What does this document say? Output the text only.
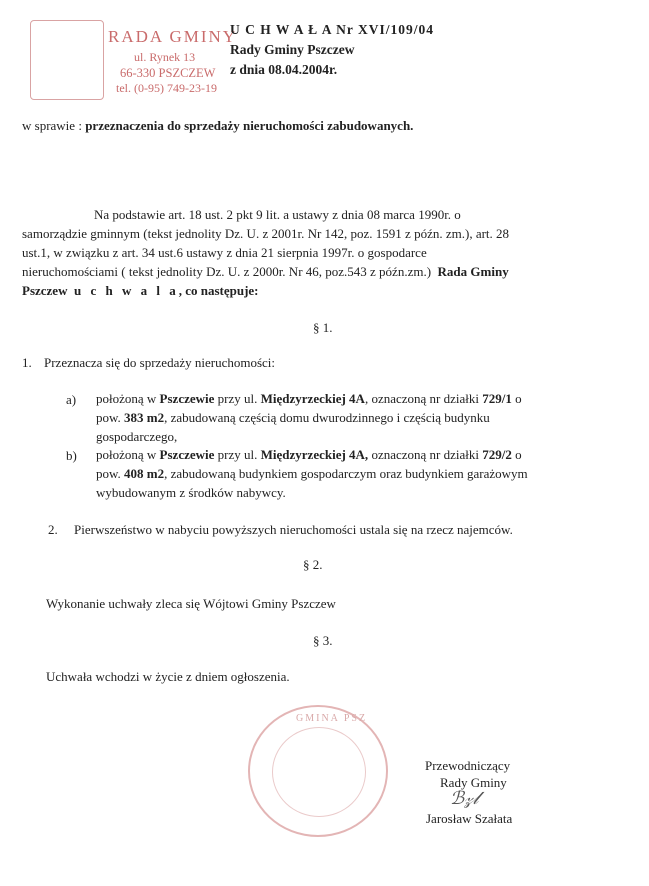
RADA GMINY
ul. Rynek 13
66-330 PSZCZEW
tel. (0-95) 749-23-19
U C H W A Ł A Nr XVI/109/04
Rady Gminy Pszczew
z dnia 08.04.2004r.
w sprawie : przeznaczenia do sprzedaży nieruchomości zabudowanych.
Na podstawie art. 18 ust. 2 pkt 9 lit. a ustawy z dnia 08 marca 1990r. o
samorządzie gminnym (tekst jednolity Dz. U. z 2001r. Nr 142, poz. 1591 z późn. zm.), art. 28
ust.1, w związku z art. 34 ust.6 ustawy z dnia 21 sierpnia 1997r. o gospodarce
nieruchomościami ( tekst jednolity Dz. U. z 2000r. Nr 46, poz.543 z późn.zm.) Rada Gminy
Pszczew u c h w a l a, co następuje:
§ 1.
1. Przeznacza się do sprzedaży nieruchomości:
a) położoną w Pszczewie przy ul. Międzyrzeckiej 4A, oznaczoną nr działki 729/1 o
pow. 383 m2, zabudowaną częścią domu dwurodzinnego i częścią budynku
gospodarczego,
b) położoną w Pszczewie przy ul. Międzyrzeckiej 4A, oznaczoną nr działki 729/2 o
pow. 408 m2, zabudowaną budynkiem gospodarczym oraz budynkiem garażowym
wybudowanym z środków nabywcy.
2. Pierwszeństwo w nabyciu powyższych nieruchomości ustala się na rzecz najemców.
§ 2.
Wykonanie uchwały zleca się Wójtowi Gminy Pszczew
§ 3.
Uchwała wchodzi w życie z dniem ogłoszenia.
GMINA PSZ
Przewodniczący
Rady Gminy
ℬ𝓏𝓁
Jarosław Szałata
